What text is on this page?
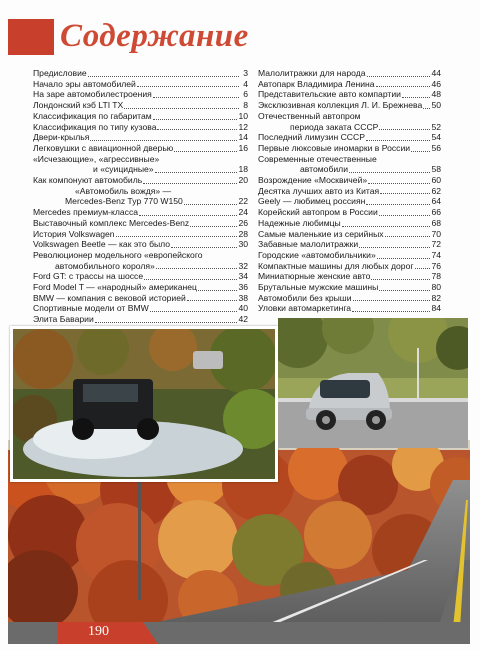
Содержание
Предисловие	3
Начало эры автомобилей	4
На заре автомобилестроения	6
Лондонский кэб LTI TX	8
Классификация по габаритам	10
Классификация по типу кузова	12
Двери-крылья	14
Легковушки с авиационной дверью	16
«Исчезающие», «агрессивные»
и «суицидные»	18
Как компонуют автомобиль	20
«Автомобиль вождя» —
Mercedes-Benz Typ 770 W150	22
Mercedes премиум-класса	24
Выставочный комплекс Mercedes-Benz	26
История Volkswagen	28
Volkswagen Beetle — как это было	30
Революционер модельного «европейского
автомобильного короля»	32
Ford GT: с трассы на шоссе	34
Ford Model T — «народный» американец	36
BMW — компания с вековой историей	38
Спортивные модели от BMW	40
Элита Баварии	42
Малолитражки для народа	44
Автопарк Владимира Ленина	46
Представительские авто компартии	48
Эксклюзивная коллекция Л. И. Брежнева 50
Отечественный автопром
периода заката СССР	52
Последний лимузин СССР	54
Первые люксовые иномарки в России 56
Современные отечественные
автомобили	58
Возрождение «Москвичей»	60
Десятка лучших авто из Китая	62
Geely — любимец россиян	64
Корейский автопром в России	66
Надежные любимцы	68
Самые маленькие из серийных	70
Забавные малолитражки	72
Городские «автомобильчики»	74
Компактные машины для любых дорог 76
Миниатюрные женские авто	78
Брутальные мужские машины	80
Автомобили без крыши	82
Уловки автомаркетинга	84
190
